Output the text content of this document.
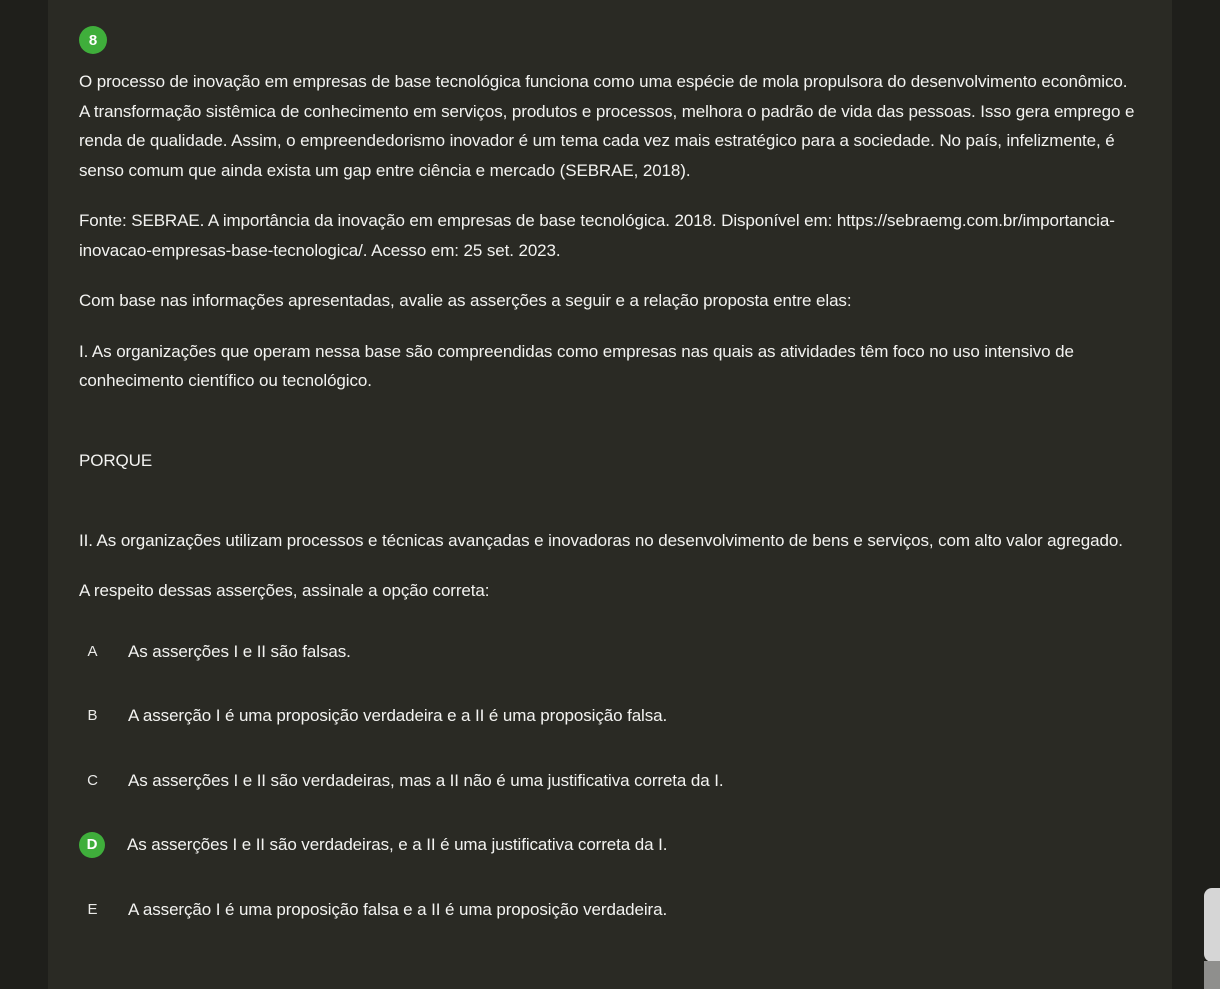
8

O processo de inovação em empresas de base tecnológica funciona como uma espécie de mola propulsora do desenvolvimento econômico. A transformação sistêmica de conhecimento em serviços, produtos e processos, melhora o padrão de vida das pessoas. Isso gera emprego e renda de qualidade. Assim, o empreendedorismo inovador é um tema cada vez mais estratégico para a sociedade. No país, infelizmente, é senso comum que ainda exista um gap entre ciência e mercado (SEBRAE, 2018).

Fonte: SEBRAE. A importância da inovação em empresas de base tecnológica. 2018. Disponível em: https://sebraemg.com.br/importancia-inovacao-empresas-base-tecnologica/. Acesso em: 25 set. 2023.

Com base nas informações apresentadas, avalie as asserções a seguir e a relação proposta entre elas:

I. As organizações que operam nessa base são compreendidas como empresas nas quais as atividades têm foco no uso intensivo de conhecimento científico ou tecnológico.

PORQUE

II. As organizações utilizam processos e técnicas avançadas e inovadoras no desenvolvimento de bens e serviços, com alto valor agregado.

A respeito dessas asserções, assinale a opção correta:

A	As asserções I e II são falsas.
B	A asserção I é uma proposição verdadeira e a II é uma proposição falsa.
C	As asserções I e II são verdadeiras, mas a II não é uma justificativa correta da I.
D	As asserções I e II são verdadeiras, e a II é uma justificativa correta da I.
E	A asserção I é uma proposição falsa e a II é uma proposição verdadeira.
